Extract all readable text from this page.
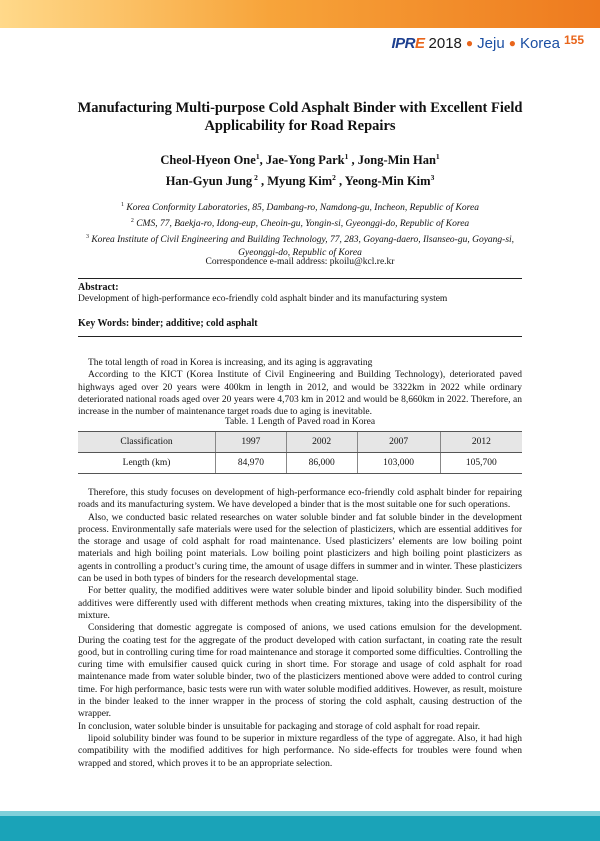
IPRE 2018 ● Jeju ● Korea 155
Manufacturing Multi-purpose Cold Asphalt Binder with Excellent Field
Applicability for Road Repairs
Cheol-Hyeon One$^1$, Jae-Yong Park$^1$ , Jong-Min Han$^1$
Han-Gyun Jung $^2$ , Myung Kim$^2$ , Yeong-Min Kim$^3$
$^1$ Korea Conformity Laboratories, 85, Dambang-ro, Namdong-gu, Incheon, Republic of Korea
$^2$ CMS, 77, Baekja-ro, Idong-eup, Cheoin-gu, Yongin-si, Gyeonggi-do, Republic of Korea
$^3$ Korea Institute of Civil Engineering and Building Technology, 77, 283, Goyang-daero, Ilsanseo-gu, Goyang-si, Gyeonggi-do, Republic of Korea
Correspondence e-mail address: pkoilu@kcl.re.kr
Abstract:
Development of high-performance eco-friendly cold asphalt binder and its manufacturing system
Key Words: binder; additive; cold asphalt

The total length of road in Korea is increasing, and its aging is aggravating

According to the KICT (Korea Institute of Civil Engineering and Building Technology), deteriorated paved highways aged over 20 years were 400km in length in 2012, and would be 3322km in 2022 while ordinary deteriorated national roads aged over 20 years were 4,703 km in 2012 and would be 8,660km in 2022. Therefore, an increase in the number of maintenance target roads due to aging is inevitable.

Table. 1 Length of Paved road in Korea
Classification	1997	2002	2007	2012
Length (km)	84,970	86,000	103,000	105,700

Therefore, this study focuses on development of high-performance eco-friendly cold asphalt binder for repairing roads and its manufacturing system. We have developed a binder that is the most suitable one for such operations.

Also, we conducted basic related researches on water soluble binder and fat soluble binder in the development process. Environmentally safe materials were used for the selection of plasticizers, which are essential additives for the storage and usage of cold asphalt for road maintenance. Used plasticizers’ elements are low boiling point materials and high boiling point materials. Low boiling point plasticizers and high boiling point plasticizers as agents in controlling a product’s curing time, the amount of usage differs in summer and in winter. These plasticizers can be used in both types of binders for the research developmental stage.

For better quality, the modified additives were water soluble binder and lipoid solubility binder. Such modified additives were differently used with different methods when creating mixtures, taking into the dispersibility of the mixture.

Considering that domestic aggregate is composed of anions, we used cations emulsion for the development. During the coating test for the aggregate of the product developed with cation surfactant, in coating rate the result good, but in controlling curing time for road maintenance and storage it comported some difficulties. Controlling the curing time with emulsifier caused quick curing in short time. For storage and usage of cold asphalt for road maintenance made from water soluble binder, two of the plasticizers mentioned above were added to control curing time. For high performance, basic tests were run with water soluble modified additives. However, as result, moisture in the binder leaked to the inner wrapper in the process of storing the cold asphalt, causing destruction of the wrapper.

In conclusion, water soluble binder is unsuitable for packaging and storage of cold asphalt for road repair.

lipoid solubility binder was found to be superior in mixture regardless of the type of aggregate. Also, it had high compatibility with the modified additives for high performance. No side-effects for troubles were found when wrapped and stored, which proves it to be an appropriate selection.
